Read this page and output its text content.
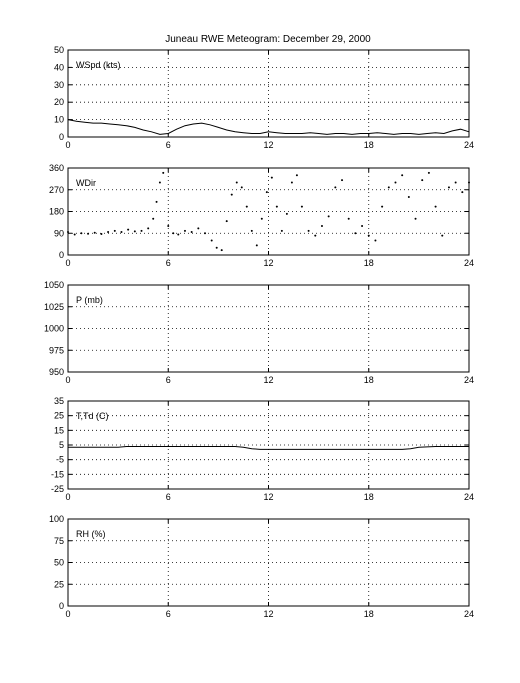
Juneau RWE Meteogram: December 29, 2000
0	6	12	18	24
0
10
20
30
40
50
WSpd (kts)
0	6	12	18	24
0
90
180
270
360
WDir
0	6	12	18	24
950
975
1000
1025
1050
P (mb)
0	6	12	18	24
-25
-15
-5
5
15
25
35
T,Td (C)
0	6	12	18	24
0
25
50
75
100
RH (%)
